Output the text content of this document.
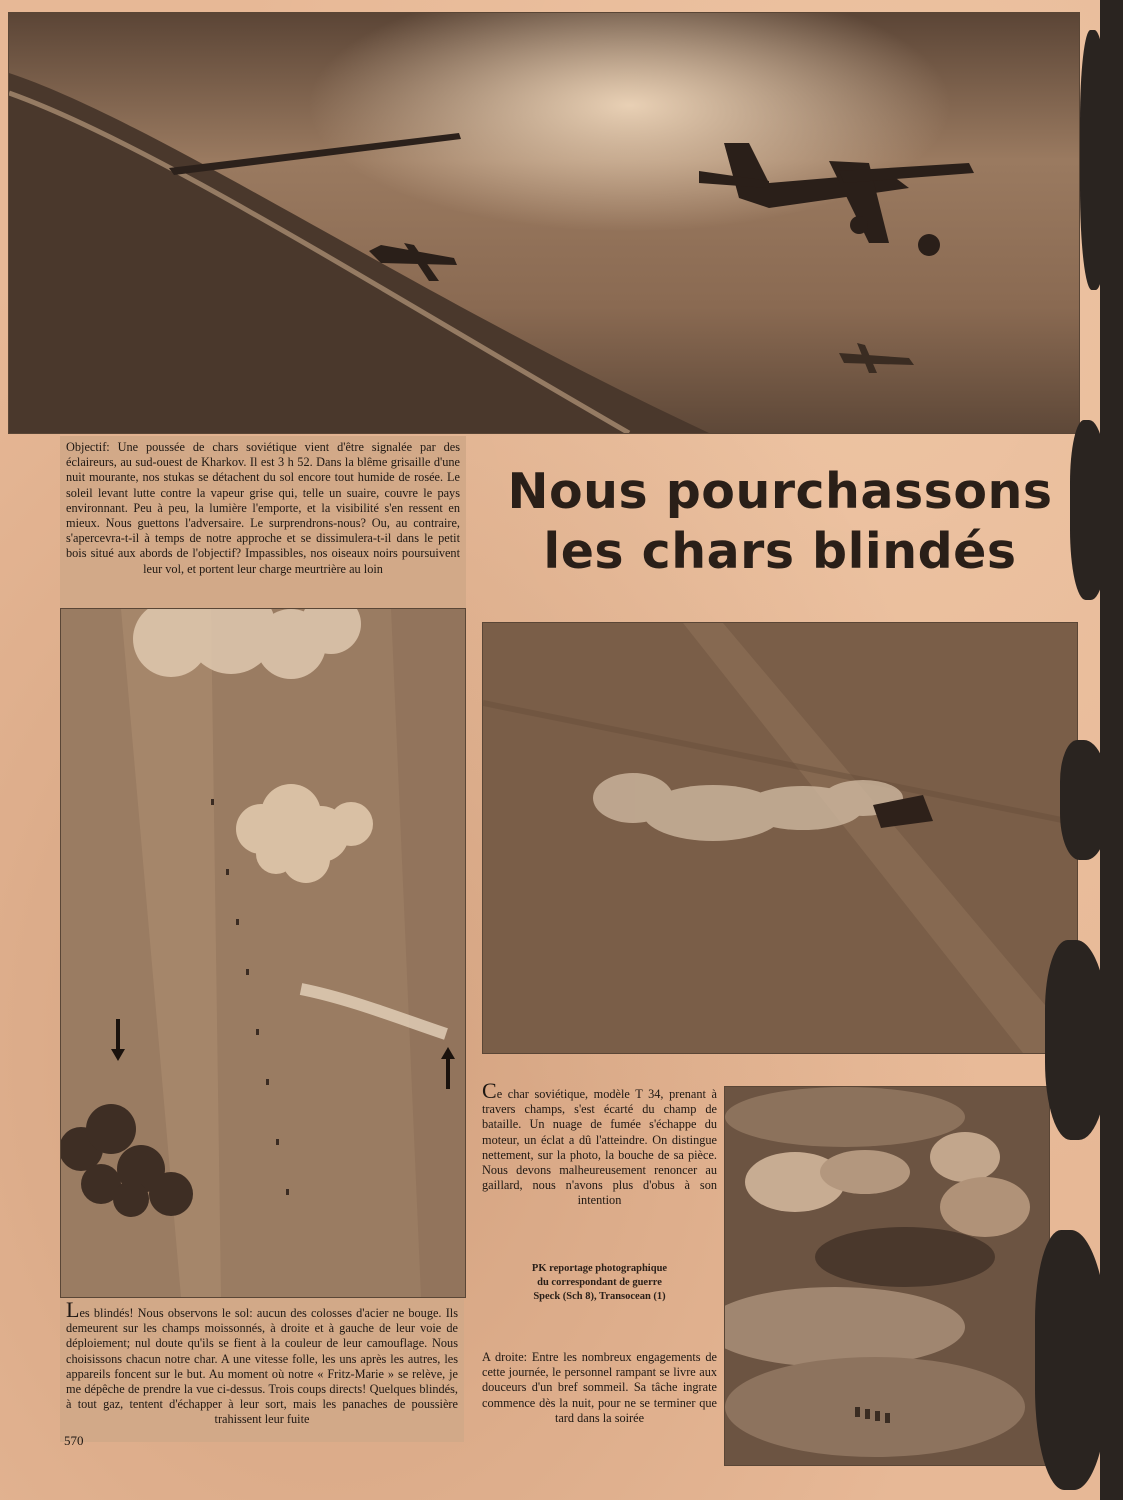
Objectif: Une poussée de chars soviétique vient d'être signalée par des éclaireurs, au sud-ouest de Kharkov. Il est 3 h 52. Dans la blême grisaille d'une nuit mourante, nos stukas se détachent du sol encore tout humide de rosée. Le soleil levant lutte contre la vapeur grise qui, telle un suaire, couvre le pays environnant. Peu à peu, la lumière l'emporte, et la visibilité s'en ressent en mieux. Nous guettons l'adversaire. Le surprendrons-nous? Ou, au contraire, s'apercevra-t-il à temps de notre approche et se dissimulera-t-il dans le petit bois situé aux abords de l'objectif? Impassibles, nos oiseaux noirs poursuivent leur vol, et portent leur charge meurtrière au loin
Nous pourchassons
les chars blindés
Ce char soviétique, modèle T 34, prenant à travers champs, s'est écarté du champ de bataille. Un nuage de fumée s'échappe du moteur, un éclat a dû l'atteindre. On distingue nettement, sur la photo, la bouche de sa pièce. Nous devons malheureusement renoncer au gaillard, nous n'avons plus d'obus à son intention
PK reportage photographique
du correspondant de guerre
Speck (Sch 8), Transocean (1)
A droite: Entre les nombreux engagements de cette journée, le personnel rampant se livre aux douceurs d'un bref sommeil. Sa tâche ingrate commence dès la nuit, pour ne se terminer que tard dans la soirée
Les blindés! Nous observons le sol: aucun des colosses d'acier ne bouge. Ils demeurent sur les champs moissonnés, à droite et à gauche de leur voie de déploiement; nul doute qu'ils se fient à la couleur de leur camouflage. Nous choisissons chacun notre char. A une vitesse folle, les uns après les autres, les appareils foncent sur le but. Au moment où notre « Fritz-Marie » se relève, je me dépêche de prendre la vue ci-dessus. Trois coups directs! Quelques blindés, à tout gaz, tentent d'échapper à leur sort, mais les panaches de poussière trahissent leur fuite
570
